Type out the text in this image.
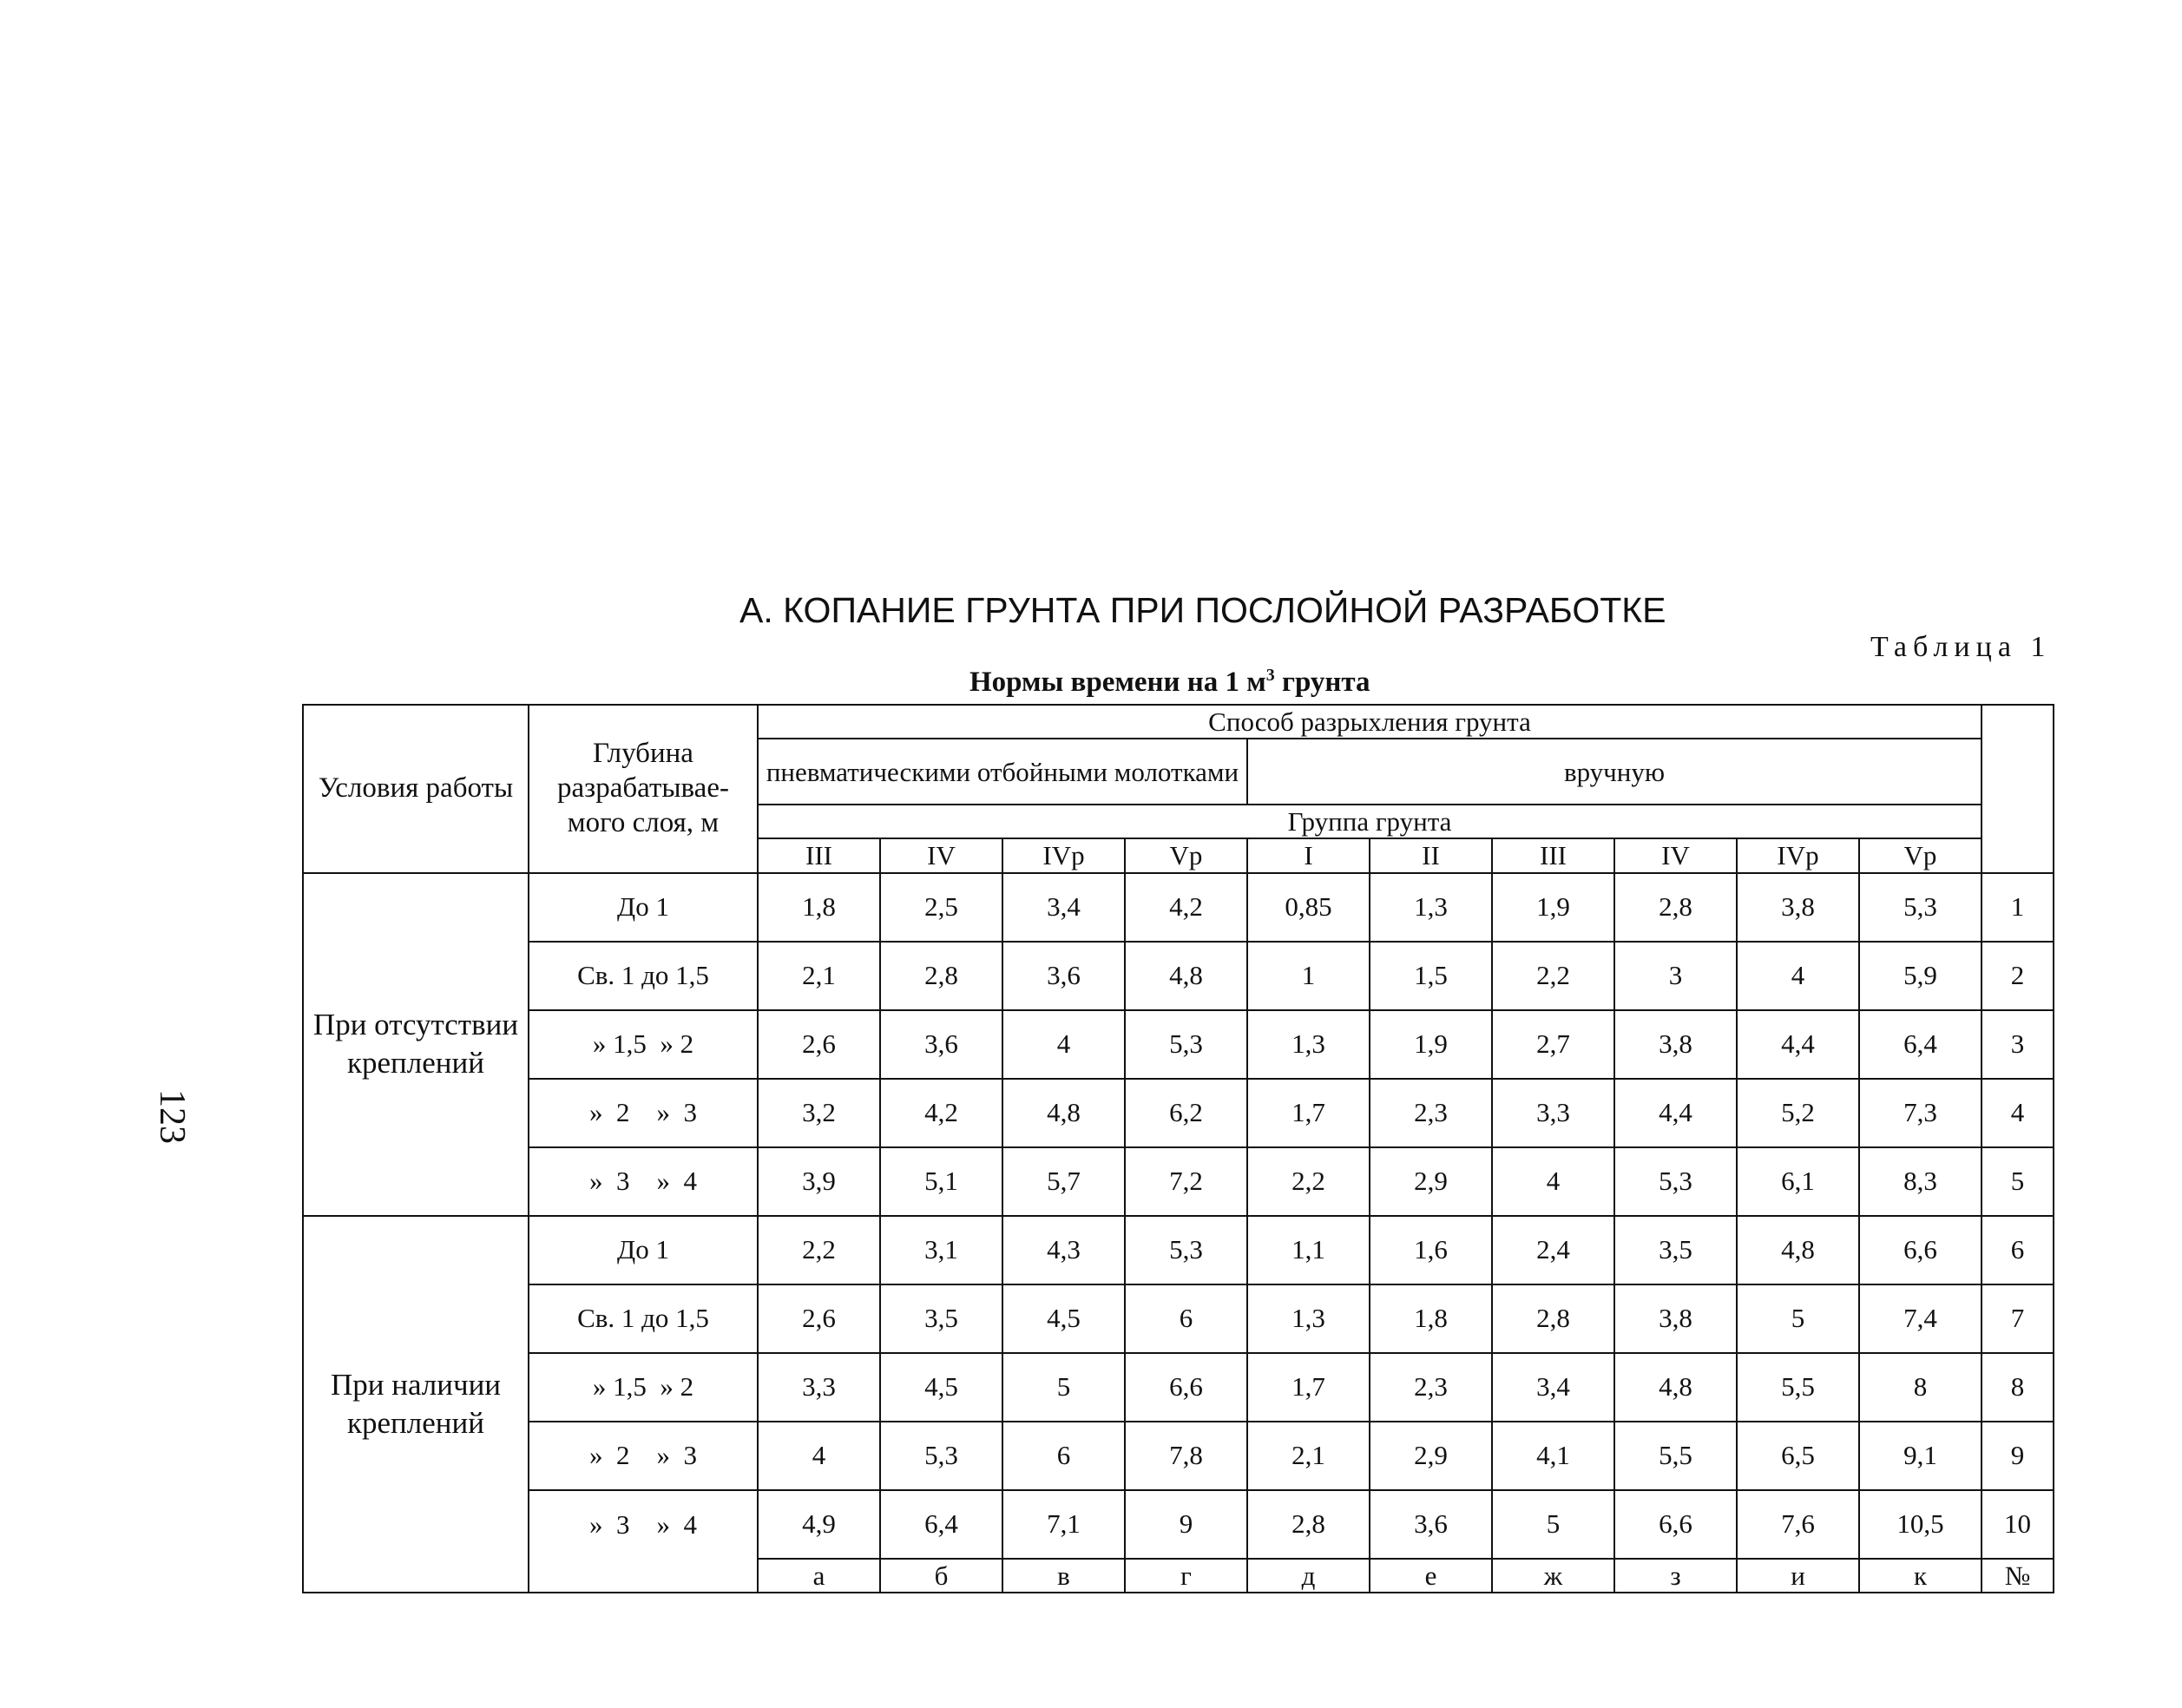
123
А. КОПАНИЕ ГРУНТА ПРИ ПОСЛОЙНОЙ РАЗРАБОТКЕ
Таблица 1
Нормы времени на 1 $м^3$ грунта
Условия работы	Глубина разрабатывае-мого слоя, м	Способ разрыхления грунта										
		пневматическими отбойными молотками				вручную						
		Группа грунта										
		III	IV	IVр	Vр	I	II	III	IV	IVр	Vр	
При отсутствии креплений	До 1	1,8	2,5	3,4	4,2	0,85	1,3	1,9	2,8	3,8	5,3	1
	Св. 1 до 1,5	2,1	2,8	3,6	4,8	1	1,5	2,2	3	4	5,9	2
	» 1,5  » 2	2,6	3,6	4	5,3	1,3	1,9	2,7	3,8	4,4	6,4	3
	»  2    »  3	3,2	4,2	4,8	6,2	1,7	2,3	3,3	4,4	5,2	7,3	4
	»  3    »  4	3,9	5,1	5,7	7,2	2,2	2,9	4	5,3	6,1	8,3	5
При наличии креплений	До 1	2,2	3,1	4,3	5,3	1,1	1,6	2,4	3,5	4,8	6,6	6
	Св. 1 до 1,5	2,6	3,5	4,5	6	1,3	1,8	2,8	3,8	5	7,4	7
	» 1,5  » 2	3,3	4,5	5	6,6	1,7	2,3	3,4	4,8	5,5	8	8
	»  2    »  3	4	5,3	6	7,8	2,1	2,9	4,1	5,5	6,5	9,1	9
	»  3    »  4	4,9	6,4	7,1	9	2,8	3,6	5	6,6	7,6	10,5	10
		а	б	в	г	д	е	ж	з	и	к	№
